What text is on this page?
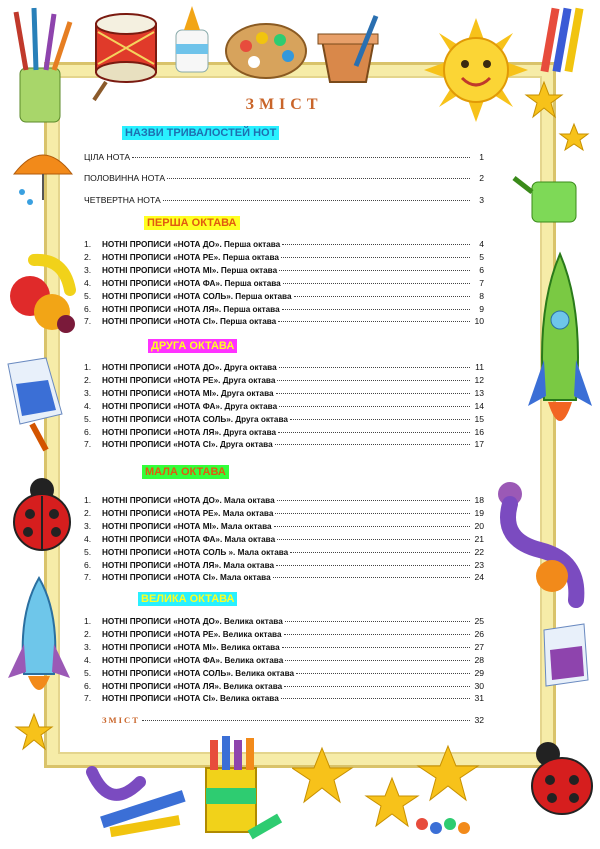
ЗМІСТ
НАЗВИ ТРИВАЛОСТЕЙ НОТ
ЦІЛА НОТА	1
ПОЛОВИННА НОТА	2
ЧЕТВЕРТНА НОТА	3
ПЕРША ОКТАВА
1.	НОТНІ ПРОПИСИ «НОТА ДО». Перша октава	4
2.	НОТНІ ПРОПИСИ «НОТА РЕ». Перша октава	5
3.	НОТНІ ПРОПИСИ «НОТА МІ». Перша октава	6
4.	НОТНІ ПРОПИСИ «НОТА ФА». Перша октава	7
5.	НОТНІ ПРОПИСИ «НОТА СОЛЬ». Перша октава	8
6.	НОТНІ ПРОПИСИ «НОТА ЛЯ». Перша октава	9
7.	НОТНІ ПРОПИСИ «НОТА СІ». Перша октава	10
ДРУГА ОКТАВА
1.	НОТНІ ПРОПИСИ «НОТА ДО». Друга октава	11
2.	НОТНІ ПРОПИСИ «НОТА РЕ». Друга октава	12
3.	НОТНІ ПРОПИСИ «НОТА МІ». Друга октава	13
4.	НОТНІ ПРОПИСИ «НОТА ФА». Друга октава	14
5.	НОТНІ ПРОПИСИ «НОТА СОЛЬ». Друга октава	15
6.	НОТНІ ПРОПИСИ «НОТА ЛЯ». Друга октава	16
7.	НОТНІ ПРОПИСИ «НОТА СІ». Друга октава	17
МАЛА ОКТАВА
1.	НОТНІ ПРОПИСИ «НОТА ДО». Мала октава	18
2.	НОТНІ ПРОПИСИ «НОТА РЕ». Мала октава	19
3.	НОТНІ ПРОПИСИ «НОТА МІ». Мала октава	20
4.	НОТНІ ПРОПИСИ «НОТА ФА». Мала октава	21
5.	НОТНІ ПРОПИСИ «НОТА СОЛЬ ». Мала октава	22
6.	НОТНІ ПРОПИСИ «НОТА ЛЯ». Мала октава	23
7.	НОТНІ ПРОПИСИ «НОТА СІ». Мала октава	24
ВЕЛИКА ОКТАВА
1.	НОТНІ ПРОПИСИ «НОТА ДО». Велика октава	25
2.	НОТНІ ПРОПИСИ «НОТА РЕ». Велика октава	26
3.	НОТНІ ПРОПИСИ «НОТА МІ». Велика октава	27
4.	НОТНІ ПРОПИСИ «НОТА ФА». Велика октава	28
5.	НОТНІ ПРОПИСИ «НОТА СОЛЬ». Велика октава	29
6.	НОТНІ ПРОПИСИ «НОТА ЛЯ». Велика октава	30
7.	НОТНІ ПРОПИСИ «НОТА СІ». Велика октава	31
ЗМІСТ	32
